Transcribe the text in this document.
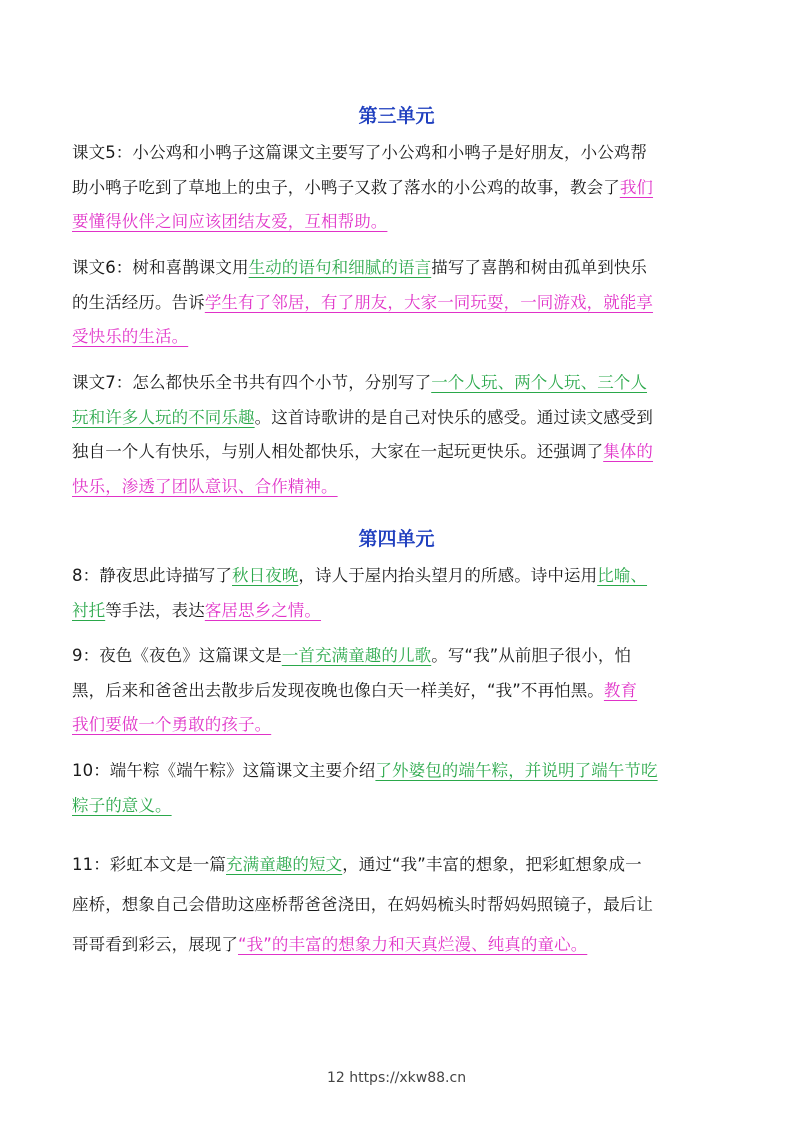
第三单元
课文5：小公鸡和小鸭子这篇课文主要写了小公鸡和小鸭子是好朋友，小公鸡帮
助小鸭子吃到了草地上的虫子，小鸭子又救了落水的小公鸡的故事，教会了我们
要懂得伙伴之间应该团结友爱，互相帮助。
课文6：树和喜鹊课文用生动的语句和细腻的语言描写了喜鹊和树由孤单到快乐
的生活经历。告诉学生有了邻居，有了朋友，大家一同玩耍，一同游戏，就能享
受快乐的生活。
课文7：怎么都快乐全书共有四个小节，分别写了一个人玩、两个人玩、三个人
玩和许多人玩的不同乐趣。这首诗歌讲的是自己对快乐的感受。通过读文感受到
独自一个人有快乐，与别人相处都快乐，大家在一起玩更快乐。还强调了集体的
快乐，渗透了团队意识、合作精神。
第四单元
8：静夜思此诗描写了秋日夜晚，诗人于屋内抬头望月的所感。诗中运用比喻、
衬托等手法，表达客居思乡之情。
9：夜色《夜色》这篇课文是一首充满童趣的儿歌。写“我”从前胆子很小，怕
黑，后来和爸爸出去散步后发现夜晚也像白天一样美好，“我”不再怕黑。教育
我们要做一个勇敢的孩子。
10：端午粽《端午粽》这篇课文主要介绍了外婆包的端午粽，并说明了端午节吃
粽子的意义。
11：彩虹本文是一篇充满童趣的短文，通过“我”丰富的想象，把彩虹想象成一
座桥，想象自己会借助这座桥帮爸爸浇田，在妈妈梳头时帮妈妈照镜子，最后让
哥哥看到彩云，展现了“我”的丰富的想象力和天真烂漫、纯真的童心。
12 https://xkw88.cn
